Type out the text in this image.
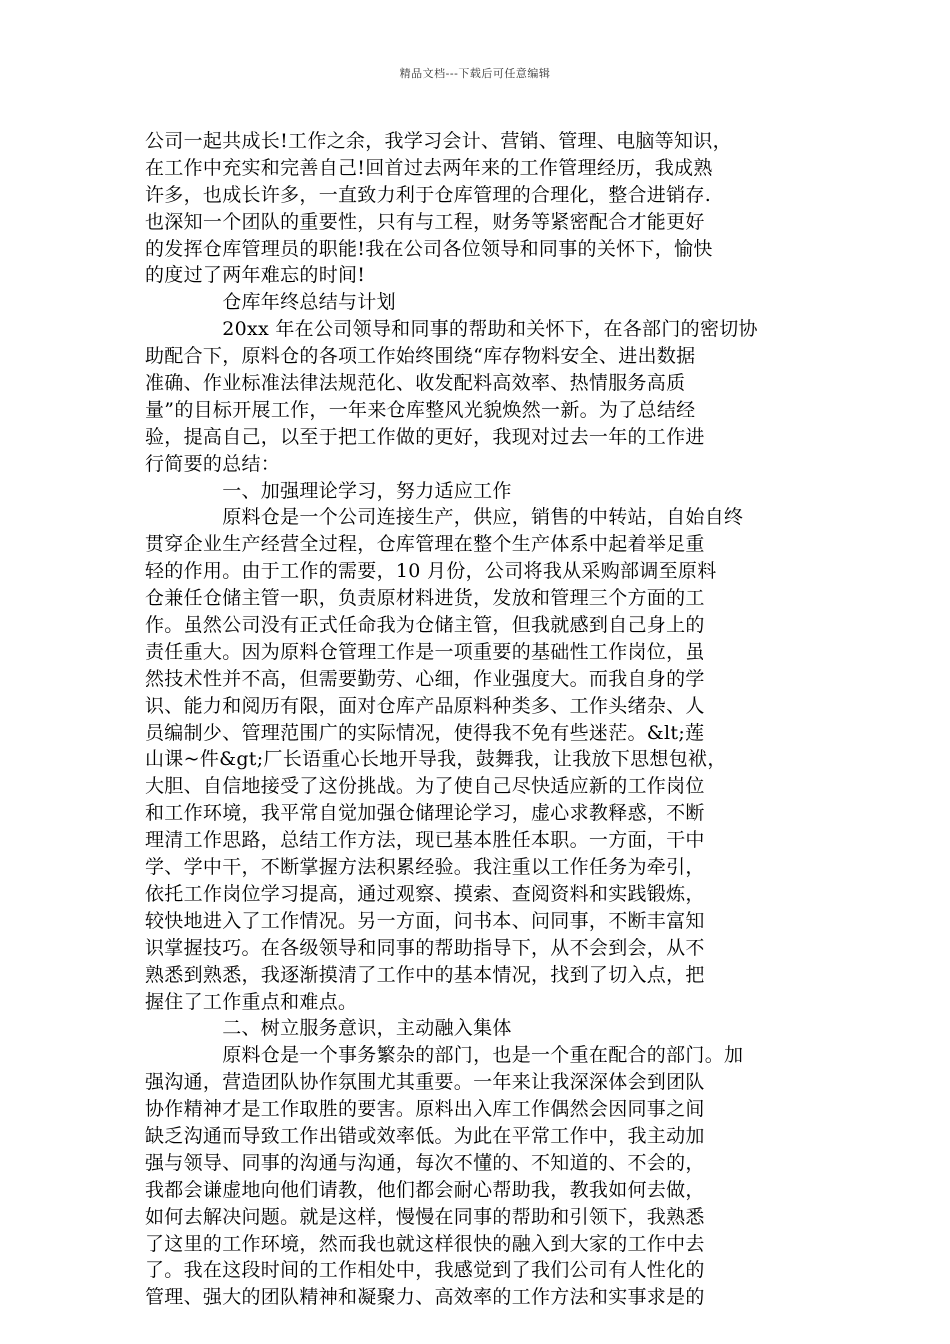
精品文档---下载后可任意编辑
公司一起共成长!工作之余，我学习会计、营销、管理、电脑等知识，
在工作中充实和完善自己!回首过去两年来的工作管理经历，我成熟
许多，也成长许多，一直致力利于仓库管理的合理化，整合进销存.
也深知一个团队的重要性，只有与工程，财务等紧密配合才能更好
的发挥仓库管理员的职能!我在公司各位领导和同事的关怀下，愉快
的度过了两年难忘的时间!
　　　　仓库年终总结与计划
　　　　20xx 年在公司领导和同事的帮助和关怀下，在各部门的密切协
助配合下，原料仓的各项工作始终围绕“库存物料安全、进出数据
准确、作业标准法律法规范化、收发配料高效率、热情服务高质
量”的目标开展工作，一年来仓库整风光貌焕然一新。为了总结经
验，提高自己，以至于把工作做的更好，我现对过去一年的工作进
行简要的总结：
　　　　一、加强理论学习，努力适应工作
　　　　原料仓是一个公司连接生产，供应，销售的中转站，自始自终
贯穿企业生产经营全过程，仓库管理在整个生产体系中起着举足重
轻的作用。由于工作的需要，10 月份，公司将我从采购部调至原料
仓兼任仓储主管一职，负责原材料进货，发放和管理三个方面的工
作。虽然公司没有正式任命我为仓储主管，但我就感到自己身上的
责任重大。因为原料仓管理工作是一项重要的基础性工作岗位，虽
然技术性并不高，但需要勤劳、心细，作业强度大。而我自身的学
识、能力和阅历有限，面对仓库产品原料种类多、工作头绪杂、人
员编制少、管理范围广的实际情况，使得我不免有些迷茫。&lt;莲
山课~件&gt;厂长语重心长地开导我，鼓舞我，让我放下思想包袱，
大胆、自信地接受了这份挑战。为了使自己尽快适应新的工作岗位
和工作环境，我平常自觉加强仓储理论学习，虚心求教释惑，不断
理清工作思路，总结工作方法，现已基本胜任本职。一方面，干中
学、学中干，不断掌握方法积累经验。我注重以工作任务为牵引，
依托工作岗位学习提高，通过观察、摸索、查阅资料和实践锻炼，
较快地进入了工作情况。另一方面，问书本、问同事，不断丰富知
识掌握技巧。在各级领导和同事的帮助指导下，从不会到会，从不
熟悉到熟悉，我逐渐摸清了工作中的基本情况，找到了切入点，把
握住了工作重点和难点。
　　　　二、树立服务意识，主动融入集体
　　　　原料仓是一个事务繁杂的部门，也是一个重在配合的部门。加
强沟通，营造团队协作氛围尤其重要。一年来让我深深体会到团队
协作精神才是工作取胜的要害。原料出入库工作偶然会因同事之间
缺乏沟通而导致工作出错或效率低。为此在平常工作中，我主动加
强与领导、同事的沟通与沟通，每次不懂的、不知道的、不会的，
我都会谦虚地向他们请教，他们都会耐心帮助我，教我如何去做，
如何去解决问题。就是这样，慢慢在同事的帮助和引领下，我熟悉
了这里的工作环境，然而我也就这样很快的融入到大家的工作中去
了。我在这段时间的工作相处中，我感觉到了我们公司有人性化的
管理、强大的团队精神和凝聚力、高效率的工作方法和实事求是的
